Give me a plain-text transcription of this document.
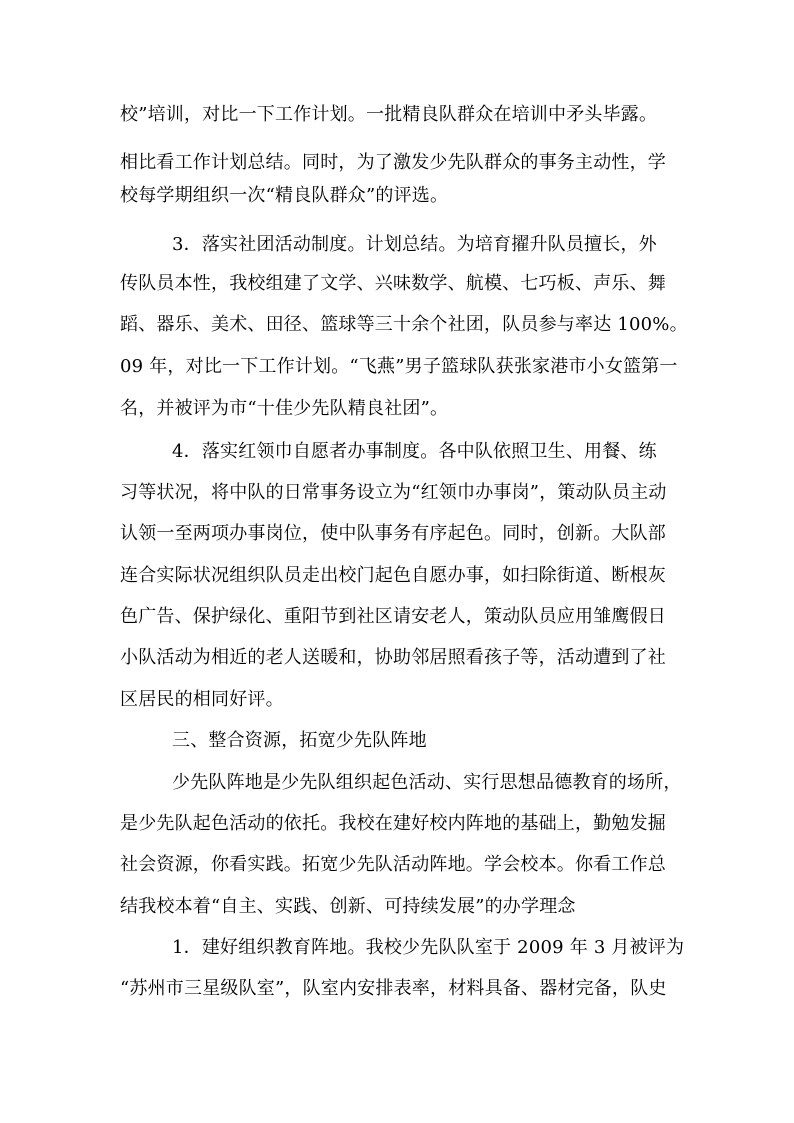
校”培训，对比一下工作计划。一批精良队群众在培训中矛头毕露。
相比看工作计划总结。同时，为了激发少先队群众的事务主动性，学
校每学期组织一次“精良队群众”的评选。
3．落实社团活动制度。计划总结。为培育擢升队员擅长，外
传队员本性，我校组建了文学、兴味数学、航模、七巧板、声乐、舞
蹈、器乐、美术、田径、篮球等三十余个社团，队员参与率达 100%。
09 年，对比一下工作计划。“飞燕”男子篮球队获张家港市小女篮第一
名，并被评为市“十佳少先队精良社团”。
4．落实红领巾自愿者办事制度。各中队依照卫生、用餐、练
习等状况，将中队的日常事务设立为“红领巾办事岗”，策动队员主动
认领一至两项办事岗位，使中队事务有序起色。同时，创新。大队部
连合实际状况组织队员走出校门起色自愿办事，如扫除街道、断根灰
色广告、保护绿化、重阳节到社区请安老人，策动队员应用雏鹰假日
小队活动为相近的老人送暖和，协助邻居照看孩子等，活动遭到了社
区居民的相同好评。
三、整合资源，拓宽少先队阵地
少先队阵地是少先队组织起色活动、实行思想品德教育的场所，
是少先队起色活动的依托。我校在建好校内阵地的基础上，勤勉发掘
社会资源，你看实践。拓宽少先队活动阵地。学会校本。你看工作总
结我校本着“自主、实践、创新、可持续发展”的办学理念
1．建好组织教育阵地。我校少先队队室于 2009 年 3 月被评为
“苏州市三星级队室”，队室内安排表率，材料具备、器材完备，队史
